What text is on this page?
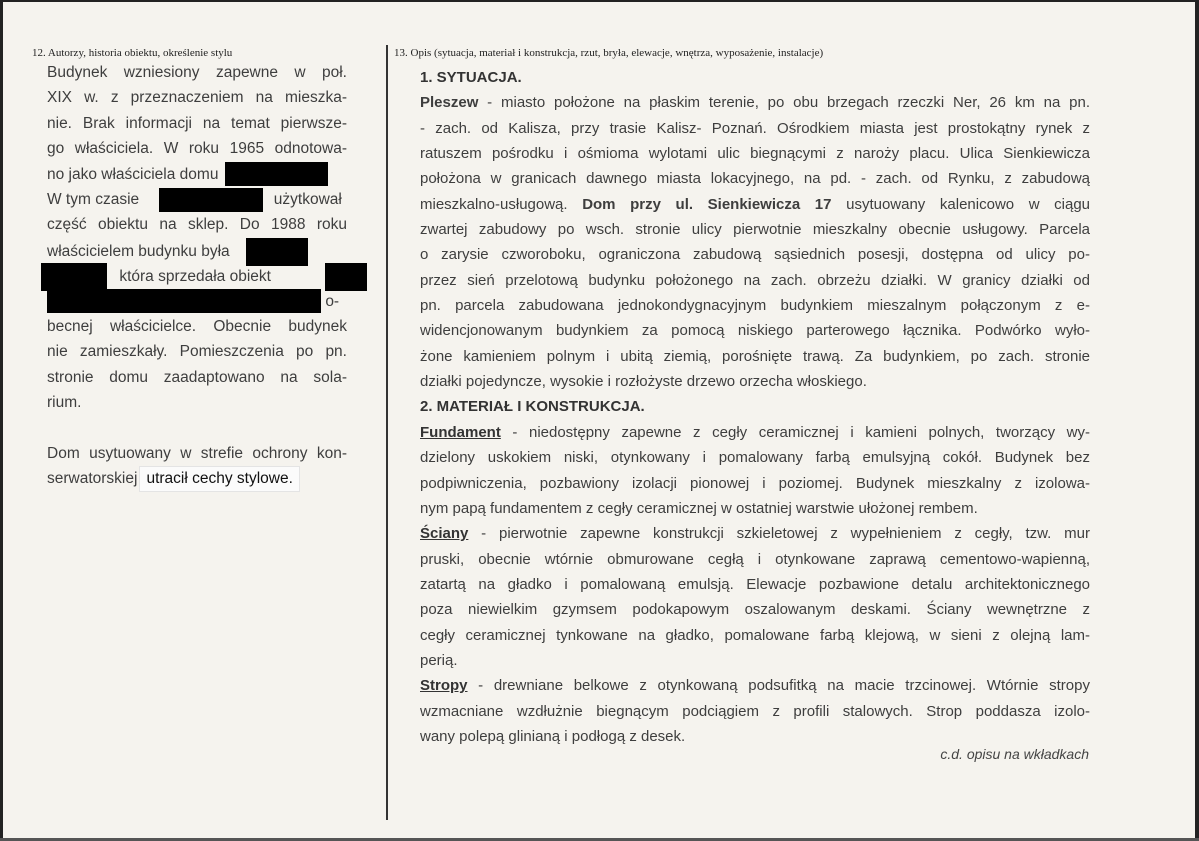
12. Autorzy, historia obiektu, określenie stylu	13. Opis (sytuacja, materiał i konstrukcja, rzut, bryła, elewacje, wnętrza, wyposażenie, instalacje)
Budynek wzniesiony zapewne w poł.
XIX w. z przeznaczeniem na mieszka-
nie. Brak informacji na temat pierwsze-
go właściciela. W roku 1965 odnotowa-
no jako właściciela domu
W tym czasie	użytkował
część obiektu na sklep. Do 1988 roku
właścicielem budynku była
która sprzedała obiekt
o-
becnej właścicielce. Obecnie budynek
nie zamieszkały. Pomieszczenia po pn.
stronie domu zaadaptowano na sola-
rium.
Dom usytuowany w strefie ochrony kon-
serwatorskiej utracił cechy stylowe.
1. SYTUACJA.
Pleszew - miasto położone na płaskim terenie, po obu brzegach rzeczki Ner, 26 km na pn.
- zach. od Kalisza, przy trasie Kalisz- Poznań. Ośrodkiem miasta jest prostokątny rynek z
ratuszem pośrodku i ośmioma wylotami ulic biegnącymi z naroży placu. Ulica Sienkiewicza
położona w granicach dawnego miasta lokacyjnego, na pd. - zach. od Rynku, z zabudową
mieszkalno-usługową. Dom przy ul. Sienkiewicza 17 usytuowany kalenicowo w ciągu
zwartej zabudowy po wsch. stronie ulicy pierwotnie mieszkalny obecnie usługowy. Parcela
o zarysie czworoboku, ograniczona zabudową sąsiednich posesji, dostępna od ulicy po-
przez sień przelotową budynku położonego na zach. obrzeżu działki. W granicy działki od
pn. parcela zabudowana jednokondygnacyjnym budynkiem mieszalnym połączonym z e-
widencjonowanym budynkiem za pomocą niskiego parterowego łącznika. Podwórko wyło-
żone kamieniem polnym i ubitą ziemią, porośnięte trawą. Za budynkiem, po zach. stronie
działki pojedyncze, wysokie i rozłożyste drzewo orzecha włoskiego.
2. MATERIAŁ I KONSTRUKCJA.
Fundament - niedostępny zapewne z cegły ceramicznej i kamieni polnych, tworzący wy-
dzielony uskokiem niski, otynkowany i pomalowany farbą emulsyjną cokół. Budynek bez
podpiwniczenia, pozbawiony izolacji pionowej i poziomej. Budynek mieszkalny z izolowa-
nym papą fundamentem z cegły ceramicznej w ostatniej warstwie ułożonej rembem.
Ściany - pierwotnie zapewne konstrukcji szkieletowej z wypełnieniem z cegły, tzw. mur
pruski, obecnie wtórnie obmurowane cegłą i otynkowane zaprawą cementowo-wapienną,
zatartą na gładko i pomalowaną emulsją. Elewacje pozbawione detalu architektonicznego
poza niewielkim gzymsem podokapowym oszalowanym deskami. Ściany wewnętrzne z
cegły ceramicznej tynkowane na gładko, pomalowane farbą klejową, w sieni z olejną lam-
perią.
Stropy - drewniane belkowe z otynkowaną podsufitką na macie trzcinowej. Wtórnie stropy
wzmacniane wzdłużnie biegnącym podciągiem z profili stalowych. Strop poddasza izolo-
wany polepą glinianą i podłogą z desek.
c.d. opisu na wkładkach
